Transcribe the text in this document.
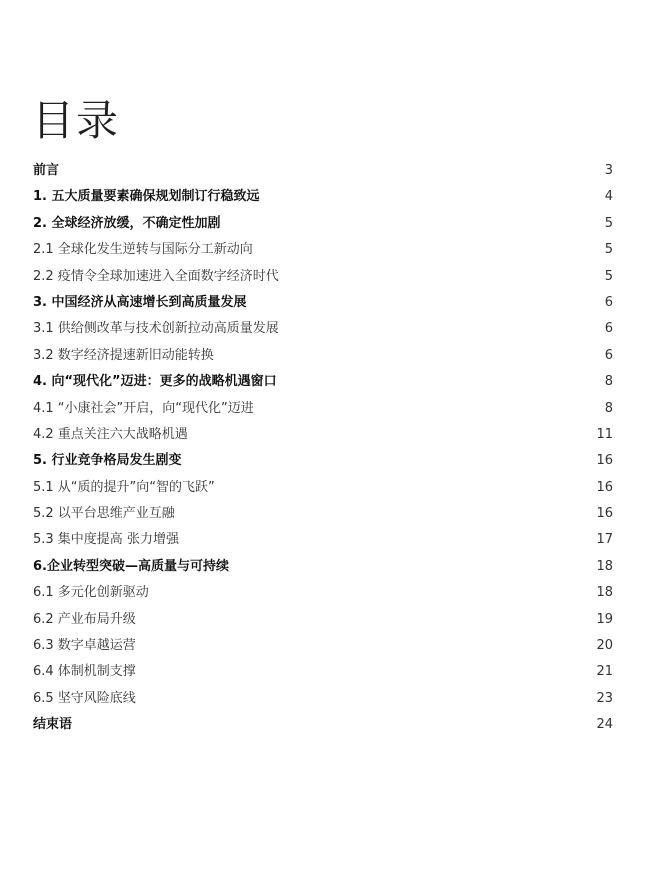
目录
前言	3
1. 五大质量要素确保规划制订行稳致远	4
2. 全球经济放缓，不确定性加剧	5
2.1 全球化发生逆转与国际分工新动向	5
2.2 疫情令全球加速进入全面数字经济时代	5
3. 中国经济从高速增长到高质量发展	6
3.1 供给侧改革与技术创新拉动高质量发展	6
3.2 数字经济提速新旧动能转换	6
4. 向“现代化”迈进：更多的战略机遇窗口	8
4.1 “小康社会”开启，向“现代化”迈进	8
4.2 重点关注六大战略机遇	11
5. 行业竞争格局发生剧变	16
5.1 从“质的提升”向“智的飞跃”	16
5.2 以平台思维产业互融	16
5.3 集中度提高 张力增强	17
6.企业转型突破—高质量与可持续	18
6.1 多元化创新驱动	18
6.2 产业布局升级	19
6.3 数字卓越运营	20
6.4 体制机制支撑	21
6.5 坚守风险底线	23
结束语	24
